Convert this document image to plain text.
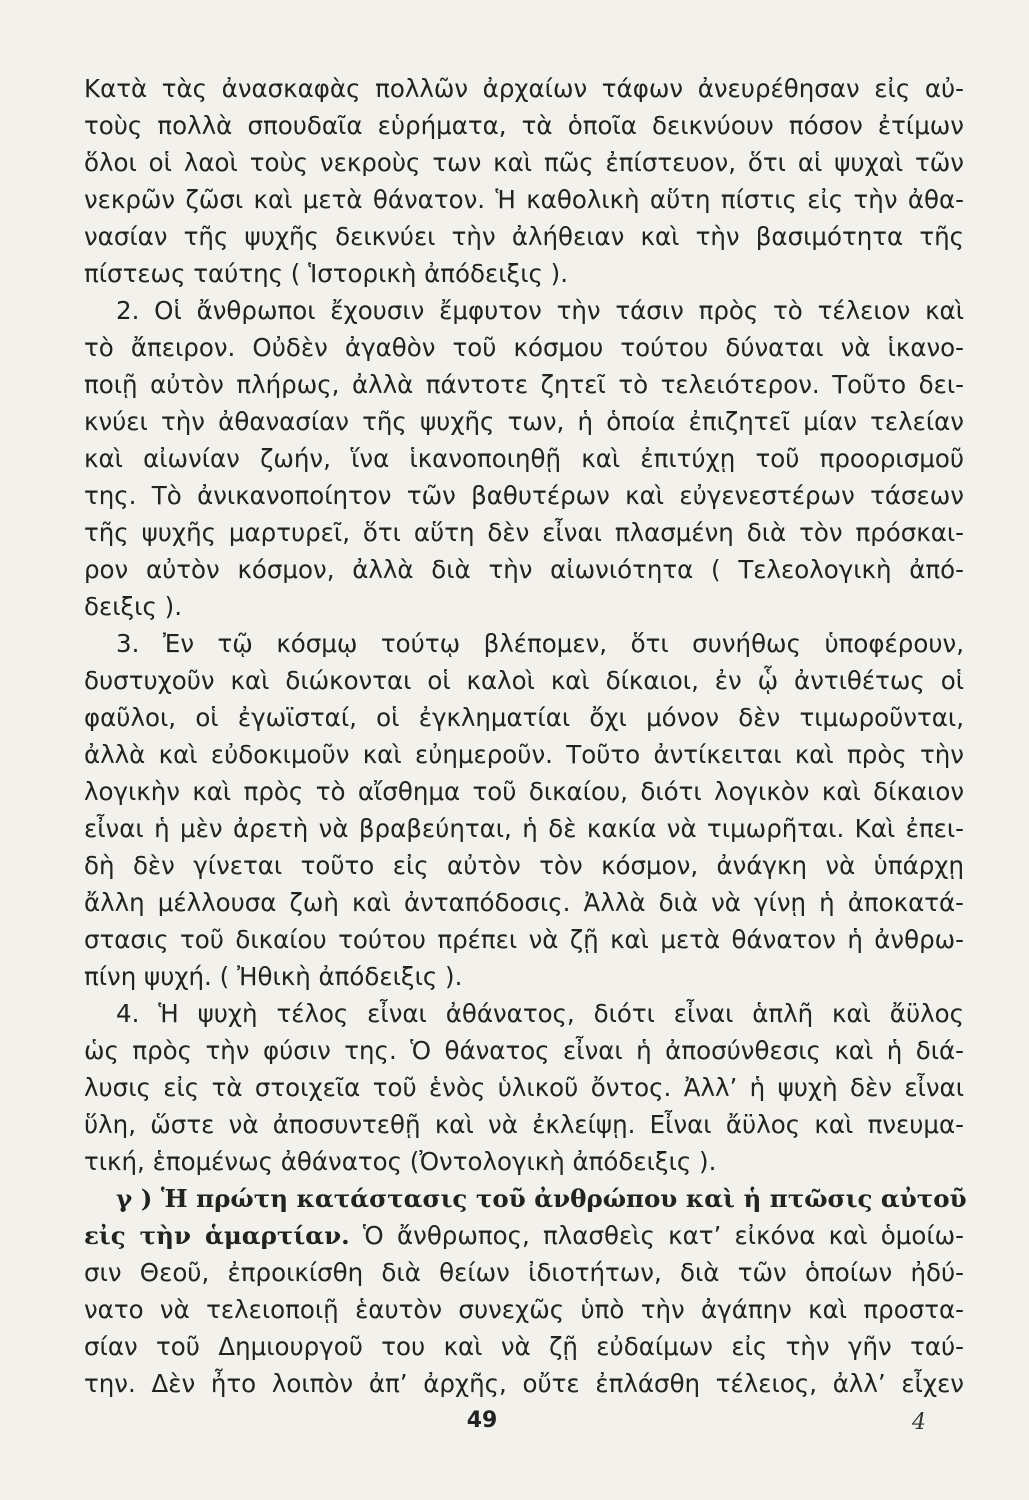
Κατὰ τὰς ἀνασκαφὰς πολλῶν ἀρχαίων τάφων ἀνευρέθησαν εἰς αὐ-
τοὺς πολλὰ σπουδαῖα εὑρήματα, τὰ ὁποῖα δεικνύουν πόσον ἐτίμων
ὅλοι οἱ λαοὶ τοὺς νεκροὺς των καὶ πῶς ἐπίστευον, ὅτι αἱ ψυχαὶ τῶν
νεκρῶν ζῶσι καὶ μετὰ θάνατον. Ἡ καθολικὴ αὕτη πίστις εἰς τὴν ἀθα-
νασίαν τῆς ψυχῆς δεικνύει τὴν ἀλήθειαν καὶ τὴν βασιμότητα τῆς
πίστεως ταύτης ( Ἱστορικὴ ἀπόδειξις ).
2. Οἱ ἄνθρωποι ἔχουσιν ἔμφυτον τὴν τάσιν πρὸς τὸ τέλειον καὶ
τὸ ἄπειρον. Οὐδὲν ἀγαθὸν τοῦ κόσμου τούτου δύναται νὰ ἱκανο-
ποιῇ αὐτὸν πλήρως, ἀλλὰ πάντοτε ζητεῖ τὸ τελειότερον. Τοῦτο δει-
κνύει τὴν ἀθανασίαν τῆς ψυχῆς των, ἡ ὁποία ἐπιζητεῖ μίαν τελείαν
καὶ αἰωνίαν ζωήν, ἵνα ἱκανοποιηθῇ καὶ ἐπιτύχῃ τοῦ προορισμοῦ
της. Τὸ ἀνικανοποίητον τῶν βαθυτέρων καὶ εὐγενεστέρων τάσεων
τῆς ψυχῆς μαρτυρεῖ, ὅτι αὕτη δὲν εἶναι πλασμένη διὰ τὸν πρόσκαι-
ρον αὐτὸν κόσμον, ἀλλὰ διὰ τὴν αἰωνιότητα ( Τελεολογικὴ ἀπό-
δειξις ).
3. Ἐν τῷ κόσμῳ τούτῳ βλέπομεν, ὅτι συνήθως ὑποφέρουν,
δυστυχοῦν καὶ διώκονται οἱ καλοὶ καὶ δίκαιοι, ἐν ᾧ ἀντιθέτως οἱ
φαῦλοι, οἱ ἐγωϊσταί, οἱ ἐγκληματίαι ὄχι μόνον δὲν τιμωροῦνται,
ἀλλὰ καὶ εὐδοκιμοῦν καὶ εὐημεροῦν. Τοῦτο ἀντίκειται καὶ πρὸς τὴν
λογικὴν καὶ πρὸς τὸ αἴσθημα τοῦ δικαίου, διότι λογικὸν καὶ δίκαιον
εἶναι ἡ μὲν ἀρετὴ νὰ βραβεύηται, ἡ δὲ κακία νὰ τιμωρῆται. Καὶ ἐπει-
δὴ δὲν γίνεται τοῦτο εἰς αὐτὸν τὸν κόσμον, ἀνάγκη νὰ ὑπάρχῃ
ἄλλη μέλλουσα ζωὴ καὶ ἀνταπόδοσις. Ἀλλὰ διὰ νὰ γίνῃ ἡ ἀποκατά-
στασις τοῦ δικαίου τούτου πρέπει νὰ ζῇ καὶ μετὰ θάνατον ἡ ἀνθρω-
πίνη ψυχή. ( Ἠθικὴ ἀπόδειξις ).
4. Ἡ ψυχὴ τέλος εἶναι ἀθάνατος, διότι εἶναι ἁπλῆ καὶ ἄϋλος
ὡς πρὸς τὴν φύσιν της. Ὁ θάνατος εἶναι ἡ ἀποσύνθεσις καὶ ἡ διά-
λυσις εἰς τὰ στοιχεῖα τοῦ ἑνὸς ὑλικοῦ ὄντος. Ἀλλ’ ἡ ψυχὴ δὲν εἶναι
ὕλη, ὥστε νὰ ἀποσυντεθῇ καὶ νὰ ἐκλείψῃ. Εἶναι ἄϋλος καὶ πνευμα-
τική, ἑπομένως ἀθάνατος (Ὀντολογικὴ ἀπόδειξις ).
γ ) Ἡ πρώτη κατάστασις τοῦ ἀνθρώπου καὶ ἡ πτῶσις αὐτοῦ
εἰς τὴν ἁμαρτίαν. Ὁ ἄνθρωπος, πλασθεὶς κατ’ εἰκόνα καὶ ὁμοίω-
σιν Θεοῦ, ἐπροικίσθη διὰ θείων ἰδιοτήτων, διὰ τῶν ὁποίων ἠδύ-
νατο νὰ τελειοποιῇ ἑαυτὸν συνεχῶς ὑπὸ τὴν ἀγάπην καὶ προστα-
σίαν τοῦ Δημιουργοῦ του καὶ νὰ ζῇ εὐδαίμων εἰς τὴν γῆν ταύ-
την. Δὲν ἦτο λοιπὸν ἀπ’ ἀρχῆς, οὔτε ἐπλάσθη τέλειος, ἀλλ’ εἶχεν
49	4
